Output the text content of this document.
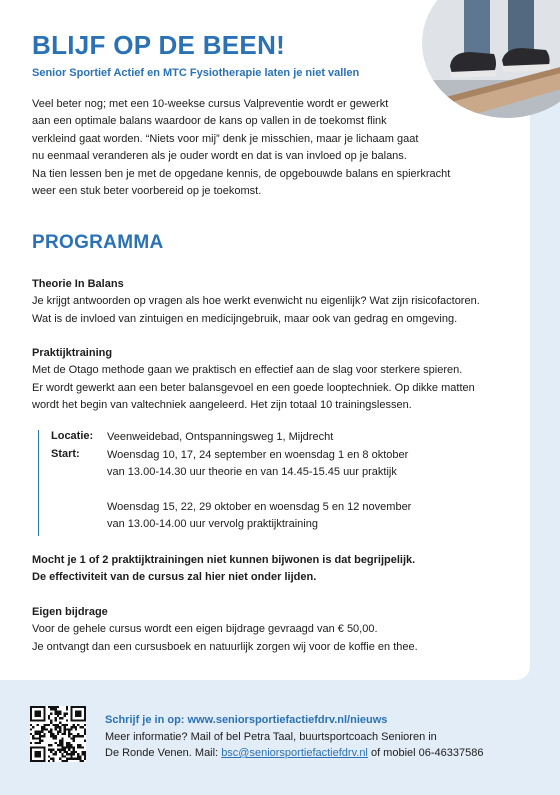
BLIJF OP DE BEEN!
Senior Sportief Actief en MTC Fysiotherapie laten je niet vallen
Veel beter nog; met een 10-weekse cursus Valpreventie wordt er gewerkt
aan een optimale balans waardoor de kans op vallen in de toekomst flink
verkleind gaat worden. “Niets voor mij” denk je misschien, maar je lichaam gaat
nu eenmaal veranderen als je ouder wordt en dat is van invloed op je balans.
Na tien lessen ben je met de opgedane kennis, de opgebouwde balans en spierkracht
weer een stuk beter voorbereid op je toekomst.
PROGRAMMA
Theorie In Balans
Je krijgt antwoorden op vragen als hoe werkt evenwicht nu eigenlijk? Wat zijn risicofactoren.
Wat is de invloed van zintuigen en medicijngebruik, maar ook van gedrag en omgeving.
Praktijktraining
Met de Otago methode gaan we praktisch en effectief aan de slag voor sterkere spieren.
Er wordt gewerkt aan een beter balansgevoel en een goede looptechniek. Op dikke matten
wordt het begin van valtechniek aangeleerd. Het zijn totaal 10 trainingslessen.
Locatie: Veenweidebad, Ontspanningsweg 1, Mijdrecht
Start: Woensdag 10, 17, 24 september en woensdag 1 en 8 oktober
van 13.00-14.30 uur theorie en van 14.45-15.45 uur praktijk
Woensdag 15, 22, 29 oktober en woensdag 5 en 12 november
van 13.00-14.00 uur vervolg praktijktraining
Mocht je 1 of 2 praktijktrainingen niet kunnen bijwonen is dat begrijpelijk.
De effectiviteit van de cursus zal hier niet onder lijden.
Eigen bijdrage
Voor de gehele cursus wordt een eigen bijdrage gevraagd van € 50,00.
Je ontvangt dan een cursusboek en natuurlijk zorgen wij voor de koffie en thee.
Schrijf je in op: www.seniorsportiefactiefdrv.nl/nieuws
Meer informatie? Mail of bel Petra Taal, buurtsportcoach Senioren in
De Ronde Venen. Mail: bsc@seniorsportiefactiefdrv.nl of mobiel 06-46337586
